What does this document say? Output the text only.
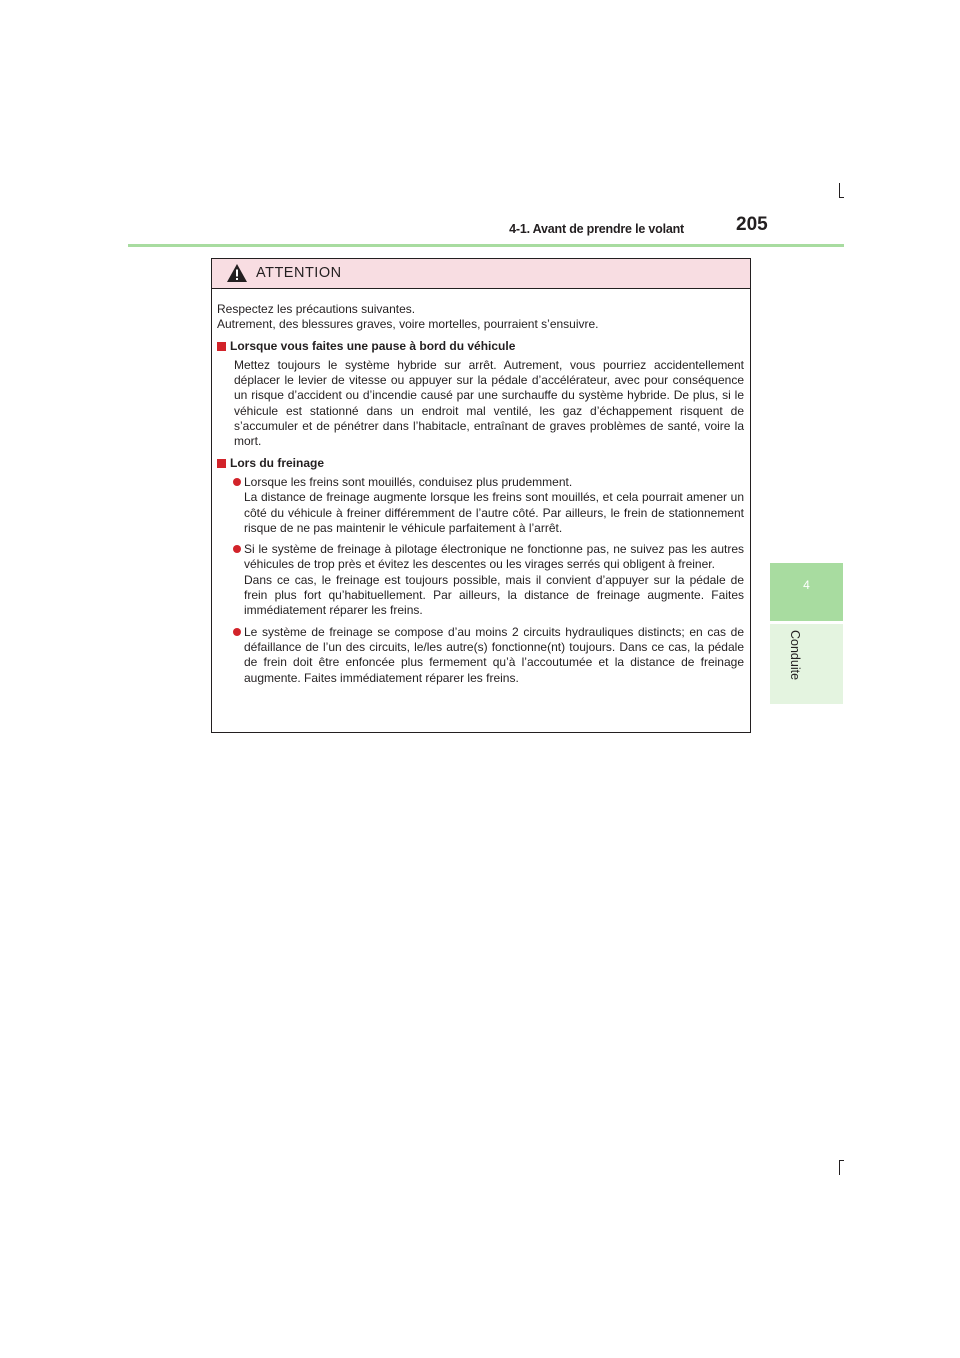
4-1. Avant de prendre le volant	205
4
Conduite
ATTENTION

Respectez les précautions suivantes.

Autrement, des blessures graves, voire mortelles, pourraient s’ensuivre.

Lorsque vous faites une pause à bord du véhicule

Mettez toujours le système hybride sur arrêt. Autrement, vous pourriez accidentellement déplacer le levier de vitesse ou appuyer sur la pédale d’accélérateur, avec pour conséquence un risque d’accident ou d’incendie causé par une surchauffe du système hybride. De plus, si le véhicule est stationné dans un endroit mal ventilé, les gaz d’échappement risquent de s’accumuler et de pénétrer dans l’habitacle, entraînant de graves problèmes de santé, voire la mort.

Lors du freinage

Lorsque les freins sont mouillés, conduisez plus prudemment.

La distance de freinage augmente lorsque les freins sont mouillés, et cela pourrait amener un côté du véhicule à freiner différemment de l’autre côté. Par ailleurs, le frein de stationnement risque de ne pas maintenir le véhicule parfaitement à l’arrêt.

Si le système de freinage à pilotage électronique ne fonctionne pas, ne suivez pas les autres véhicules de trop près et évitez les descentes ou les virages serrés qui obligent à freiner.

Dans ce cas, le freinage est toujours possible, mais il convient d’appuyer sur la pédale de frein plus fort qu’habituellement. Par ailleurs, la distance de freinage augmente. Faites immédiatement réparer les freins.

Le système de freinage se compose d’au moins 2 circuits hydrauliques distincts; en cas de défaillance de l’un des circuits, le/les autre(s) fonctionne(nt) toujours. Dans ce cas, la pédale de frein doit être enfoncée plus fermement qu’à l’accoutumée et la distance de freinage augmente. Faites immédiatement réparer les freins.
